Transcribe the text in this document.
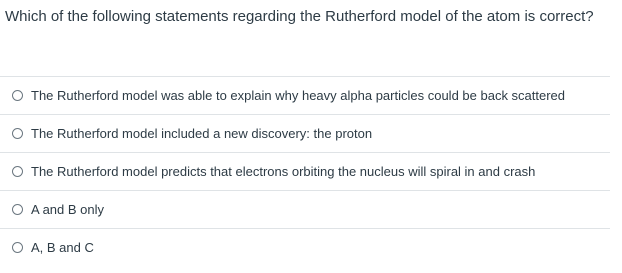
Which of the following statements regarding the Rutherford model of the atom is correct?

The Rutherford model was able to explain why heavy alpha particles could be back scattered
The Rutherford model included a new discovery: the proton
The Rutherford model predicts that electrons orbiting the nucleus will spiral in and crash
A and B only
A, B and C
